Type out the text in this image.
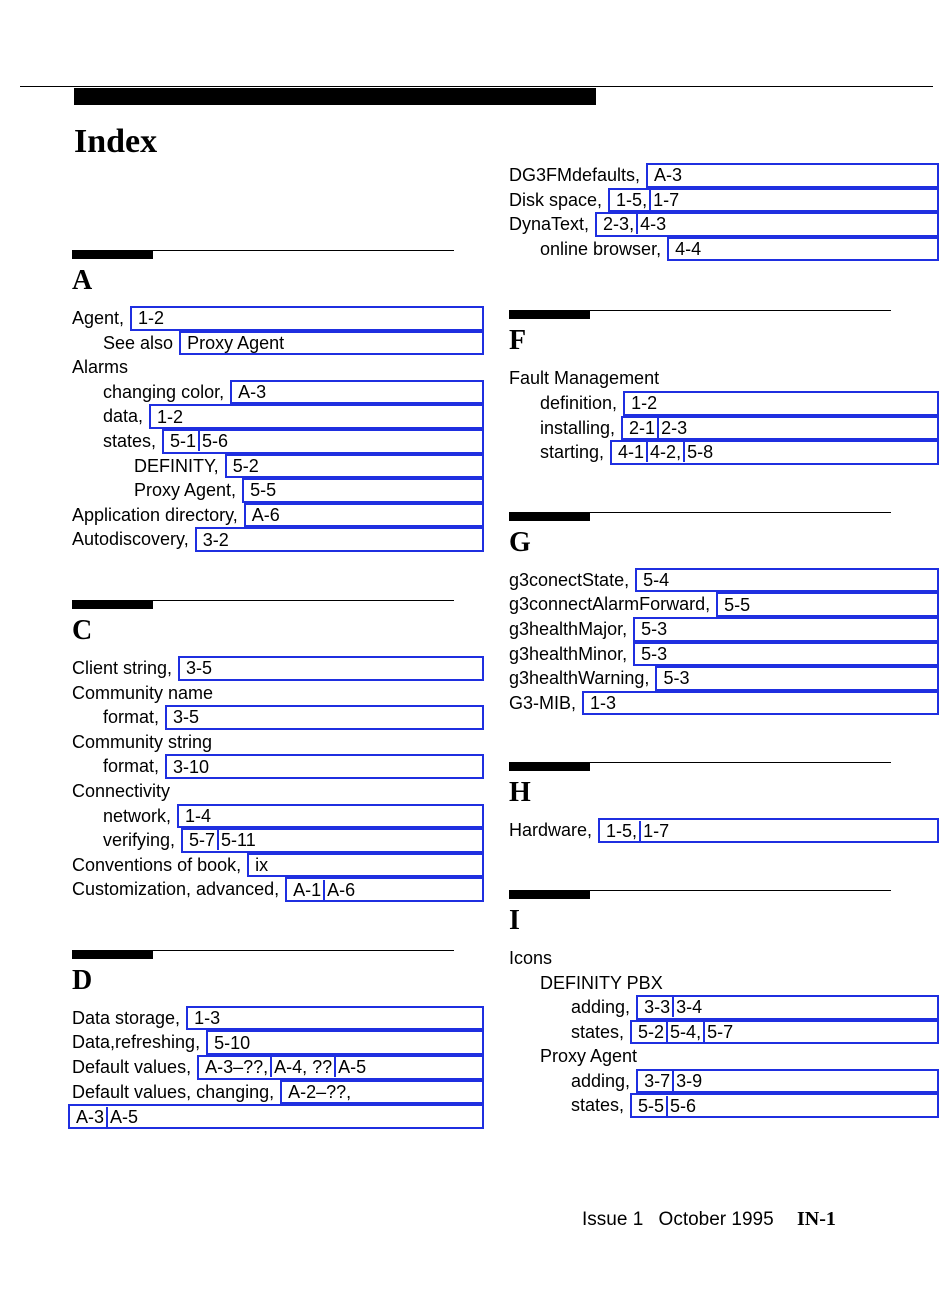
Index
A
Agent, 1-2
See also Proxy Agent
Alarms
changing color, A-3
data, 1-2
states, 5-1 5-6
DEFINITY, 5-2
Proxy Agent, 5-5
Application directory, A-6
Autodiscovery, 3-2
C
Client string, 3-5
Community name
format, 3-5
Community string
format, 3-10
Connectivity
network, 1-4
verifying, 5-7 5-11
Conventions of book, ix
Customization, advanced, A-1 A-6
D
Data storage, 1-3
Data,refreshing, 5-10
Default values, A-3–??, A-4, ?? A-5
Default values, changing, A-2–??,
A-3 A-5
DG3FMdefaults, A-3
Disk space, 1-5, 1-7
DynaText, 2-3, 4-3
online browser, 4-4
F
Fault Management
definition, 1-2
installing, 2-1 2-3
starting, 4-1 4-2, 5-8
G
g3conectState, 5-4
g3connectAlarmForward, 5-5
g3healthMajor, 5-3
g3healthMinor, 5-3
g3healthWarning, 5-3
G3-MIB, 1-3
H
Hardware, 1-5, 1-7
I
Icons
DEFINITY PBX
adding, 3-3 3-4
states, 5-2 5-4, 5-7
Proxy Agent
adding, 3-7 3-9
states, 5-5 5-6
Issue 1 October 1995 IN-1
